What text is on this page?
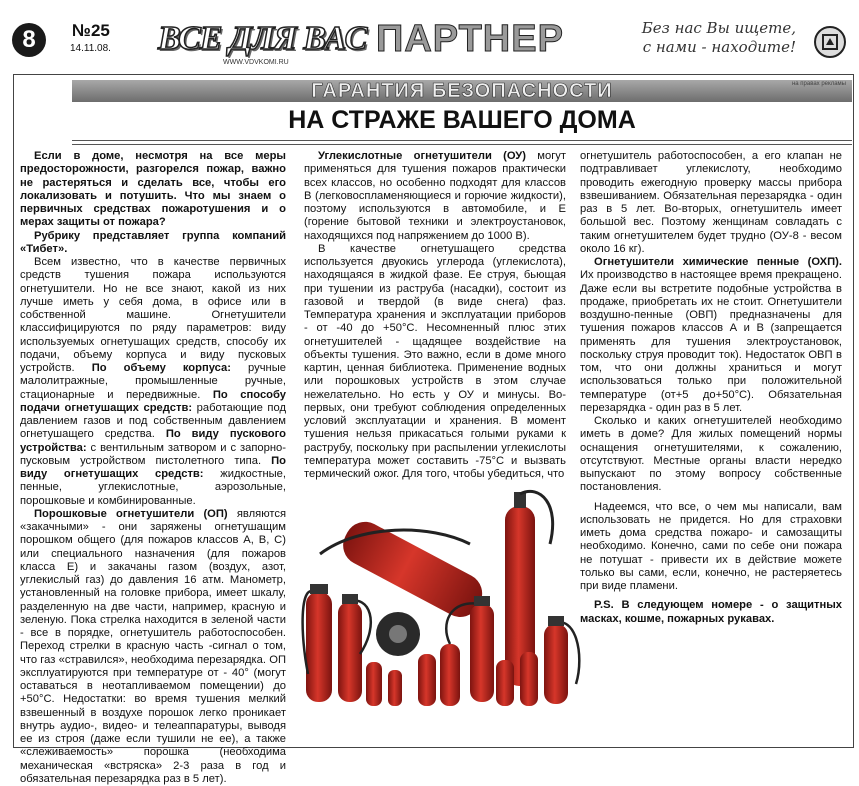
8	№25
14.11.08. ВСЕ ДЛЯ ВАС
WWW.VDVKOMI.RU
ПАРТНЕР	Без нас Вы ищете,
с нами - находите!
ГАРАНТИЯ БЕЗОПАСНОСТИ	на правах рекламы
НА СТРАЖЕ ВАШЕГО ДОМА

Если в доме, несмотря на все меры предосторожности, разгорелся пожар, важно не растеряться и сделать все, чтобы его локализовать и потушить. Что мы знаем о первичных средствах пожаротушения и о мерах защиты от пожара?

Рубрику представляет группа компаний «Тибет».

Всем известно, что в качестве первичных средств тушения пожара используются огнетушители. Но не все знают, какой из них лучше иметь у себя дома, в офисе или в собственной машине. Огнетушители классифицируются по ряду параметров: виду используемых огнетушащих средств, способу их подачи, объему корпуса и виду пусковых устройств. По объему корпуса: ручные малолитражные, промышленные ручные, стационарные и передвижные. По способу подачи огнетушащих средств: работающие под давлением газов и под собственным давлением огнетушащего средства. По виду пускового устройства: с вентильным затвором и с запорно-пусковым устройством пистолетного типа. По виду огнетушащих средств: жидкостные, пенные, углекислотные, аэрозольные, порошковые и комбинированные.

Порошковые огнетушители (ОП) являются «закачными» - они заряжены огнетушащим порошком общего (для пожаров классов А, В, С) или специального назначения (для пожаров класса Е) и закачаны газом (воздух, азот, углекислый газ) до давления 16 атм. Манометр, установленный на головке прибора, имеет шкалу, разделенную на две части, например, красную и зеленую. Пока стрелка находится в зеленой части - все в порядке, огнетушитель работоспособен. Переход стрелки в красную часть -сигнал о том, что газ «стравился», необходима перезарядка. ОП эксплуатируются при температуре от - 40° (могут оставаться в неотапливаемом помещении) до +50°С. Недостатки: во время тушения мелкий взвешенный в воздухе порошок легко проникает внутрь аудио-, видео- и телеаппаратуры, выводя ее из строя (даже если тушили не ее), а также «слеживаемость» порошка (необходима механическая «встряска» 2-3 раза в год и обязательная перезарядка раз в 5 лет).

Углекислотные огнетушители (ОУ) могут применяться для тушения пожаров практически всех классов, но особенно подходят для классов В (легковоспламеняющиеся и горючие жидкости), поэтому используются в автомобиле, и Е (горение бытовой техники и электроустановок, находящихся под напряжением до 1000 В).

В качестве огнетушащего средства используется двуокись углерода (углекислота), находящаяся в жидкой фазе. Ее струя, бьющая при тушении из раструба (насадки), состоит из газовой и твердой (в виде снега) фаз. Температура хранения и эксплуатации приборов - от -40 до +50°С. Несомненный плюс этих огнетушителей - щадящее воздействие на объекты тушения. Это важно, если в доме много картин, ценная библиотека. Применение водных или порошковых устройств в этом случае нежелательно. Но есть у ОУ и минусы. Во-первых, они требуют соблюдения определенных условий эксплуатации и хранения. В момент тушения нельзя прикасаться голыми руками к раструбу, поскольку при распылении углекислоты температура может составить -75°С и вызвать термический ожог. Для того, чтобы убедиться, что

огнетушитель работоспособен, а его клапан не подтравливает углекислоту, необходимо проводить ежегодную проверку массы прибора взвешиванием. Обязательная перезарядка - один раз в 5 лет. Во-вторых, огнетушитель имеет большой вес. Поэтому женщинам совладать с таким огнетушителем будет трудно (ОУ-8 - весом около 16 кг).

Огнетушители химические пенные (ОХП). Их производство в настоящее время прекращено. Даже если вы встретите подобные устройства в продаже, приобретать их не стоит. Огнетушители воздушно-пенные (ОВП) предназначены для тушения пожаров классов А и В (запрещается применять для тушения электроустановок, поскольку струя проводит ток). Недостаток ОВП в том, что они должны храниться и могут использоваться только при положительной температуре (от+5 до+50°С). Обязательная перезарядка - один раз в 5 лет.

Сколько и каких огнетушителей необходимо иметь в доме? Для жилых помещений нормы оснащения огнетушителями, к сожалению, отсутствуют. Местные органы власти нередко выпускают по этому вопросу собственные постановления.

Надеемся, что все, о чем мы написали, вам использовать не придется. Но для страховки иметь дома средства пожаро- и самозащиты необходимо. Конечно, сами по себе они пожара не потушат - привести их в действие можете только вы сами, если, конечно, не растеряетесь при виде пламени.

P.S. В следующем номере - о защитных масках, кошме, пожарных рукавах.
